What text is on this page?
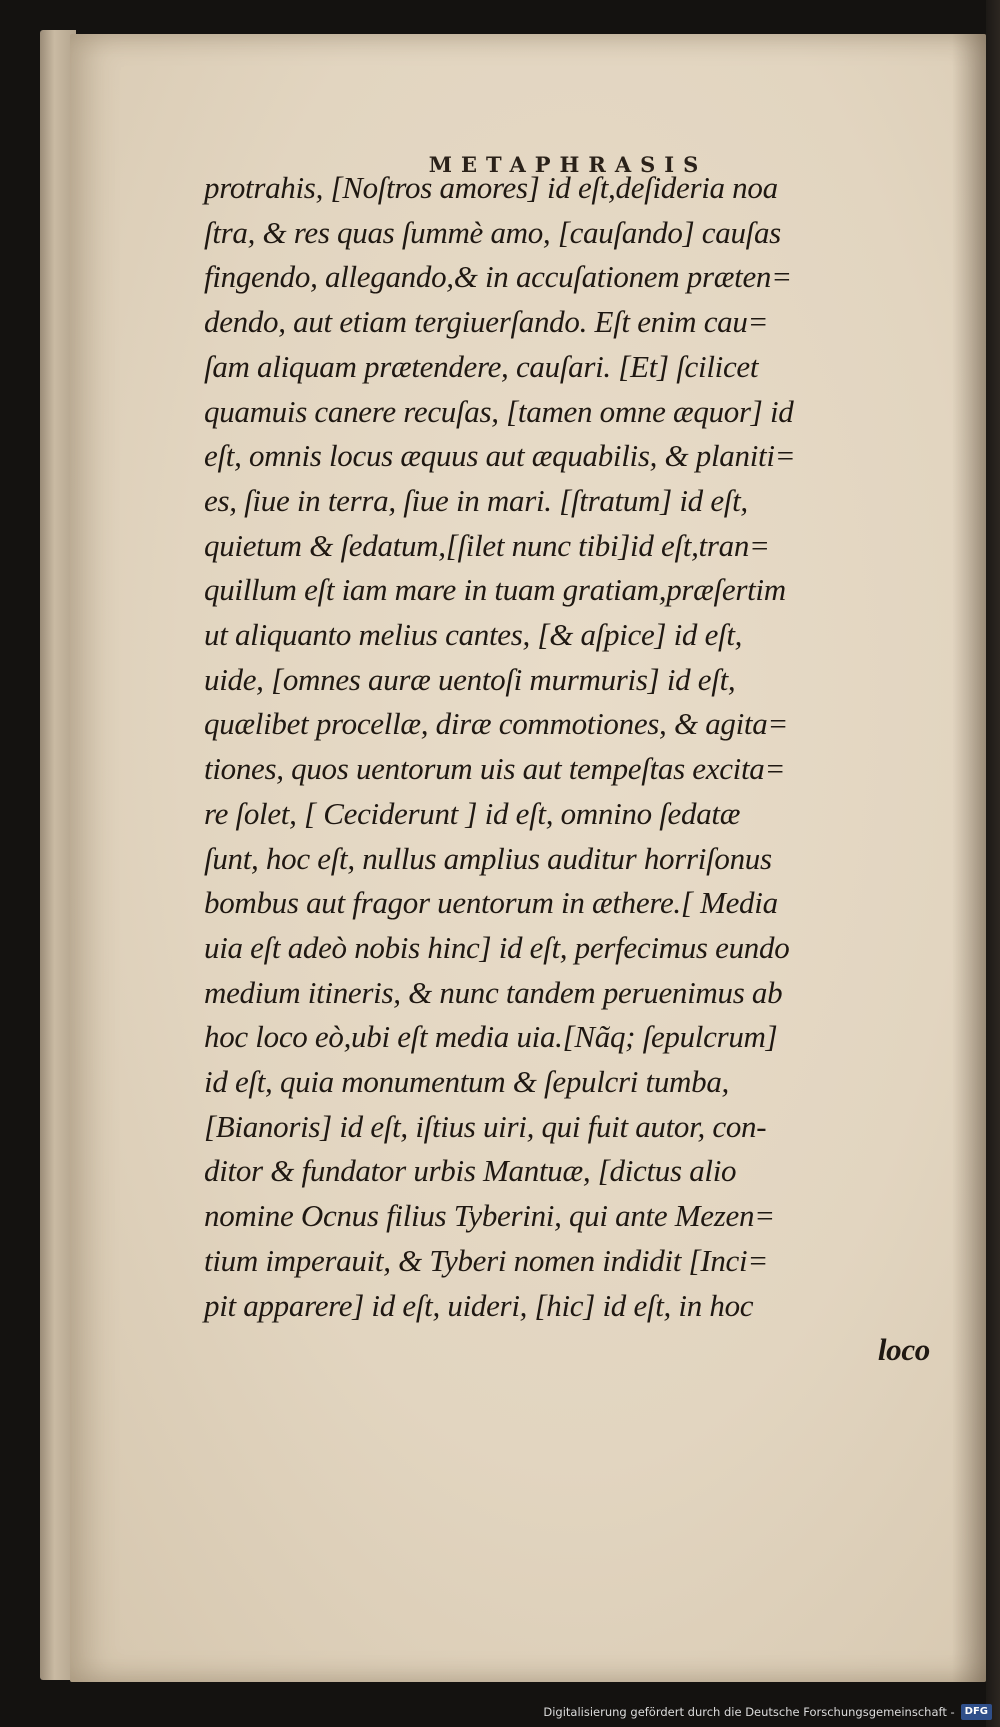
METAPHRASIS
protrahis, [Noſtros amores] id eſt,deſideria noa
ſtra, & res quas ſummè amo, [cauſando] cauſas
fingendo, allegando,& in accuſationem præten=
dendo, aut etiam tergiuerſando. Eſt enim cau=
ſam aliquam prætendere, cauſari. [Et] ſcilicet
quamuis canere recuſas, [tamen omne æquor] id
eſt, omnis locus æquus aut æquabilis, & planiti=
es, ſiue in terra, ſiue in mari. [ſtratum] id eſt,
quietum & ſedatum,[ſilet nunc tibi]id eſt,tran=
quillum eſt iam mare in tuam gratiam,præſertim
ut aliquanto melius cantes, [& aſpice] id eſt,
uide, [omnes auræ uentoſi murmuris] id eſt,
quælibet procellæ, diræ commotiones, & agita=
tiones, quos uentorum uis aut tempeſtas excita=
re ſolet, [ Ceciderunt ] id eſt, omnino ſedatæ
ſunt, hoc eſt, nullus amplius auditur horriſonus
bombus aut fragor uentorum in æthere.[ Media
uia eſt adeò nobis hinc] id eſt, perfecimus eundo
medium itineris, & nunc tandem peruenimus ab
hoc loco eò,ubi eſt media uia.[Nãq; ſepulcrum]
id eſt, quia monumentum & ſepulcri tumba,
[Bianoris] id eſt, iſtius uiri, qui fuit autor, con-
ditor & fundator urbis Mantuæ, [dictus alio
nomine Ocnus filius Tyberini, qui ante Mezen=
tium imperauit, & Tyberi nomen indidit [Inci=
pit apparere] id eſt, uideri, [hic] id eſt, in hoc
loco
Digitalisierung gefördert durch die Deutsche Forschungsgemeinschaft -	DFG
